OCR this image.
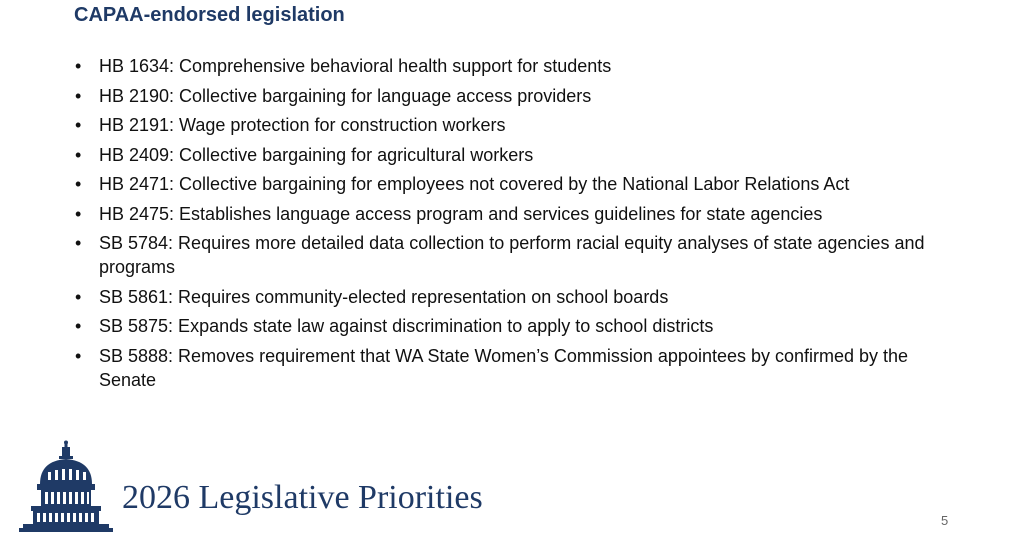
CAPAA-endorsed legislation
• HB 1634: Comprehensive behavioral health support for students
• HB 2190: Collective bargaining for language access providers
• HB 2191: Wage protection for construction workers
• HB 2409: Collective bargaining for agricultural workers
• HB 2471: Collective bargaining for employees not covered by the National Labor Relations Act
• HB 2475: Establishes language access program and services guidelines for state agencies
• SB 5784: Requires more detailed data collection to perform racial equity analyses of state agencies and programs
• SB 5861: Requires community-elected representation on school boards
• SB 5875: Expands state law against discrimination to apply to school districts
• SB 5888: Removes requirement that WA State Women’s Commission appointees by confirmed by the Senate
2026 Legislative Priorities
5
